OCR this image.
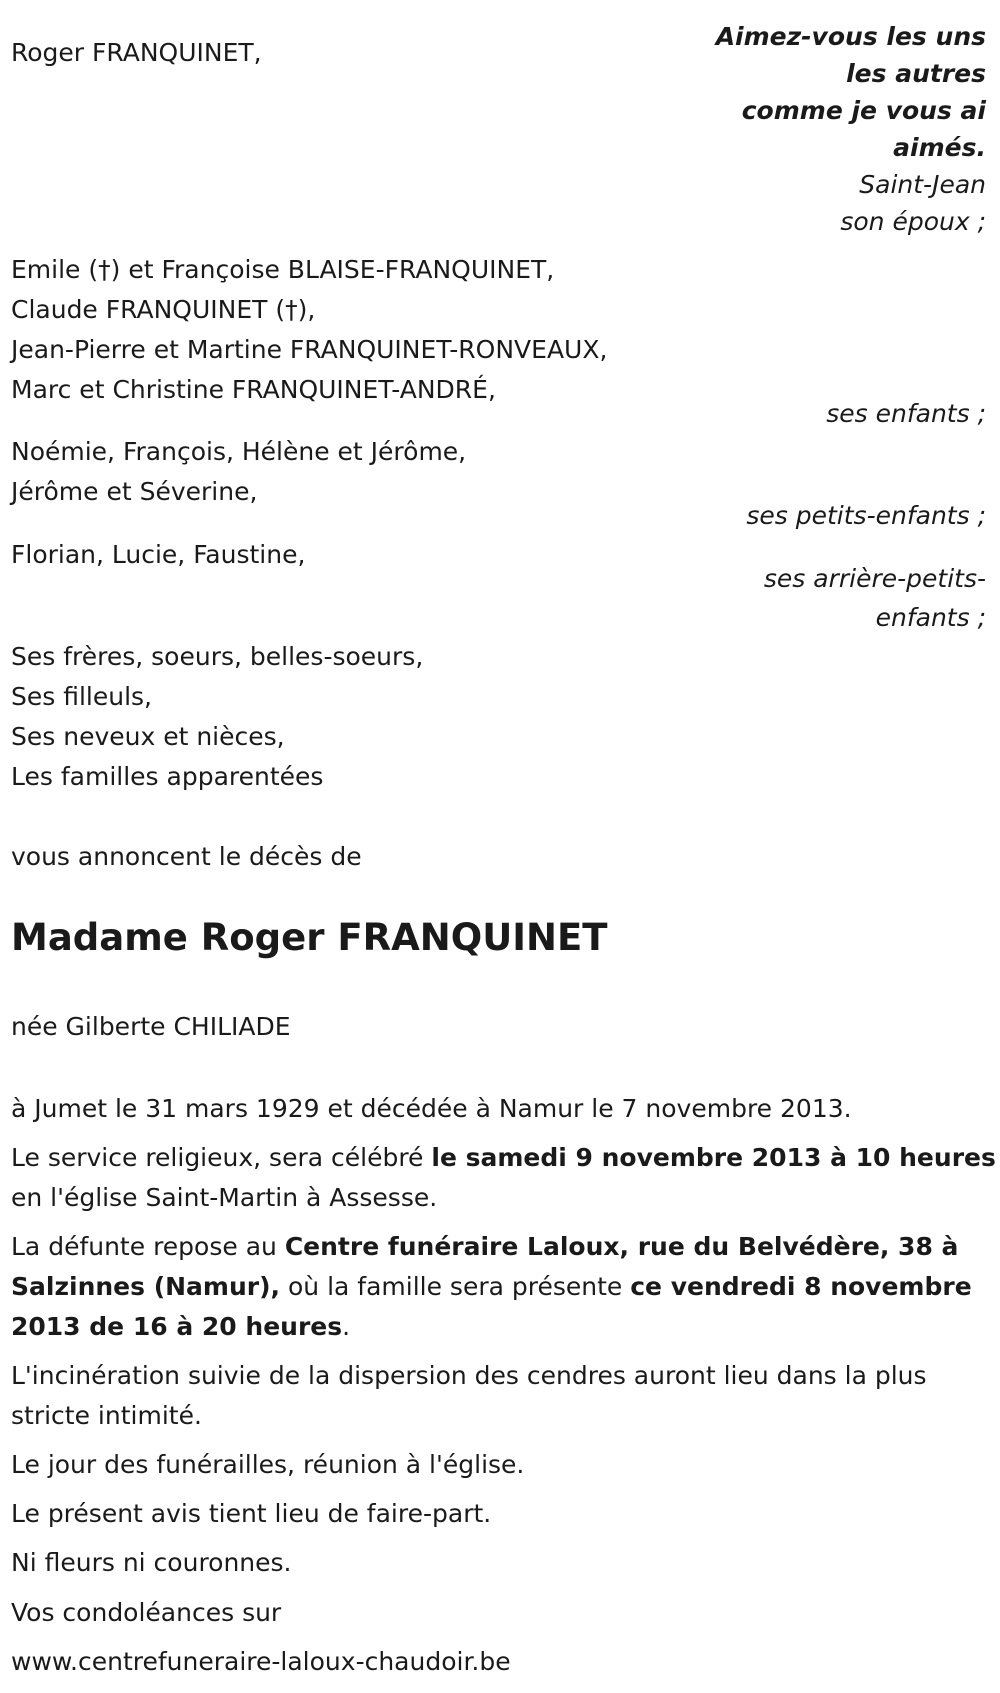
Roger FRANQUINET,
Aimez-vous les uns
les autres
comme je vous ai
aimés.
Saint-Jean
son époux ;
Emile (†) et Françoise BLAISE-FRANQUINET,
Claude FRANQUINET (†),
Jean-Pierre et Martine FRANQUINET-RONVEAUX,
Marc et Christine FRANQUINET-ANDRÉ,
ses enfants ;
Noémie, François, Hélène et Jérôme,
Jérôme et Séverine,
ses petits-enfants ;
Florian, Lucie, Faustine,
ses arrière-petits-
enfants ;
Ses frères, soeurs, belles-soeurs,
Ses filleuls,
Ses neveux et nièces,
Les familles apparentées
vous annoncent le décès de
Madame Roger FRANQUINET
née Gilberte CHILIADE
à Jumet le 31 mars 1929 et décédée à Namur le 7 novembre 2013.
Le service religieux, sera célébré le samedi 9 novembre 2013 à 10 heures en l'église Saint-Martin à Assesse.
La défunte repose au Centre funéraire Laloux, rue du Belvédère, 38 à Salzinnes (Namur), où la famille sera présente ce vendredi 8 novembre 2013 de 16 à 20 heures.
L'incinération suivie de la dispersion des cendres auront lieu dans la plus stricte intimité.
Le jour des funérailles, réunion à l'église.
Le présent avis tient lieu de faire-part.
Ni fleurs ni couronnes.
Vos condoléances sur
www.centrefuneraire-laloux-chaudoir.be
